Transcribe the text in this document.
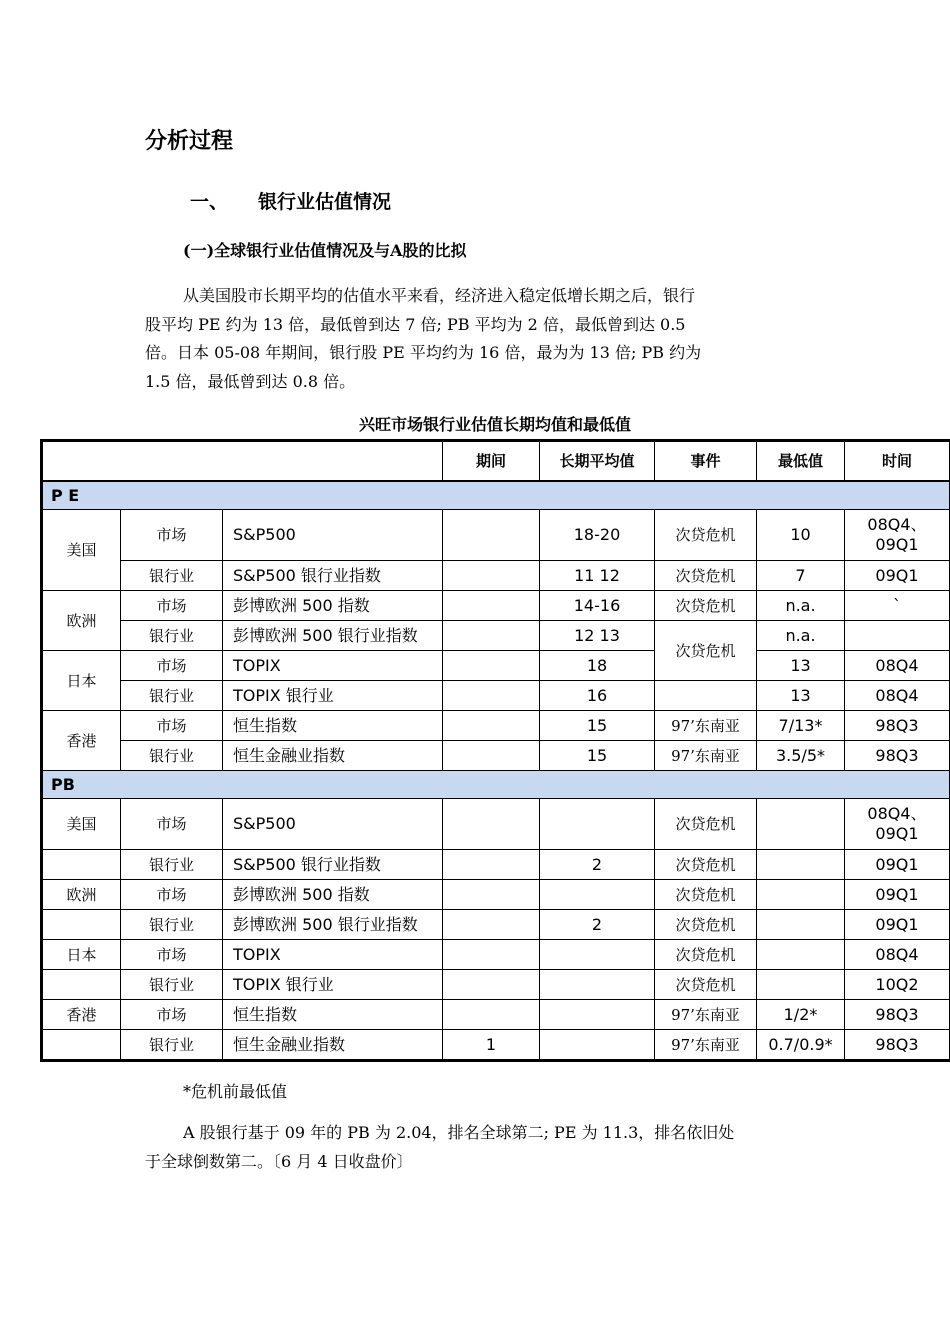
分析过程
一、 银行业估值情况
(一)全球银行业估值情况及与A股的比拟

从美国股市长期平均的估值水平来看，经济进入稳定低增长期之后，银行

股平均 PE 约为 13 倍，最低曾到达 7 倍; PB 平均为 2 倍，最低曾到达 0.5

倍。日本 05-08 年期间，银行股 PE 平均约为 16 倍，最为为 13 倍; PB 约为

1.5 倍，最低曾到达 0.8 倍。

兴旺市场银行业估值长期均值和最低值
			期间	长期平均值	事件	最低值	时间
P E							
美国	市场	S&P500		18-20	次贷危机	10	08Q4、09Q1
	银行业	S&P500 银行业指数		11 12	次贷危机	7	09Q1
欧洲	市场	彭博欧洲 500 指数		14-16	次贷危机	n.a.	`
	银行业	彭博欧洲 500 银行业指数		12 13	次贷危机	n.a.	
日本	市场	TOPIX		18		13	08Q4
	银行业	TOPIX 银行业		16		13	08Q4
香港	市场	恒生指数		15	97’东南亚	7/13*	98Q3
	银行业	恒生金融业指数		15	97’东南亚	3.5/5*	98Q3
PB							
美国	市场	S&P500			次贷危机		08Q4、09Q1
	银行业	S&P500 银行业指数		2	次贷危机		09Q1
欧洲	市场	彭博欧洲 500 指数			次贷危机		09Q1
	银行业	彭博欧洲 500 银行业指数		2	次贷危机		09Q1
日本	市场	TOPIX			次贷危机		08Q4
	银行业	TOPIX 银行业			次贷危机		10Q2
香港	市场	恒生指数			97’东南亚	1/2*	98Q3
	银行业	恒生金融业指数	1		97’东南亚	0.7/0.9*	98Q3
*危机前最低值

A 股银行基于 09 年的 PB 为 2.04，排名全球第二; PE 为 11.3，排名依旧处

于全球倒数第二。〔6 月 4 日收盘价〕
